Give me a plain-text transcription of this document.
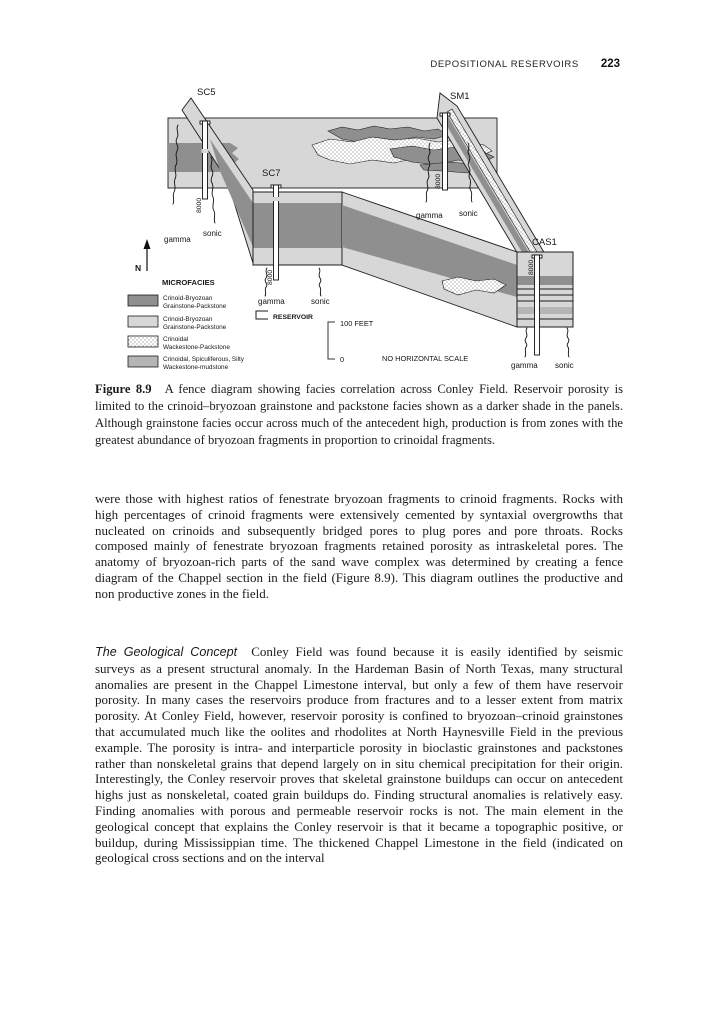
DEPOSITIONAL RESERVOIRS 223
SC5	SM1
SC7
CAS1
8000
8000
8000
8000
gamma
sonic
gamma sonic
gamma	sonic
gamma sonic
N
MICROFACIES
Crinoid-Bryozoan
Grainstone-Packstone
Crinoid-Bryozoan
Grainstone-Packstone
Crinoidal
Wackestone-Packstone
Crinoidal, Spiculiferous, Silty
Wackestone-mudstone
RESERVOIR
100 FEET
0	NO HORIZONTAL SCALE
Figure 8.9 A fence diagram showing facies correlation across Conley Field. Reservoir porosity is limited to the crinoid–bryozoan grainstone and packstone facies shown as a darker shade in the panels. Although grainstone facies occur across much of the antecedent high, production is from zones with the greatest abundance of bryozoan fragments in proportion to crinoidal fragments.

were those with highest ratios of fenestrate bryozoan fragments to crinoid fragments. Rocks with high percentages of crinoid fragments were extensively cemented by syntaxial overgrowths that nucleated on crinoids and subsequently bridged pores to plug pores and pore throats. Rocks composed mainly of fenestrate bryozoan fragments retained porosity as intraskeletal pores. The anatomy of bryozoan-rich parts of the sand wave complex was determined by creating a fence diagram of the Chappel section in the field (Figure 8.9). This diagram outlines the productive and non productive zones in the field.

The Geological Concept Conley Field was found because it is easily identified by seismic surveys as a present structural anomaly. In the Hardeman Basin of North Texas, many structural anomalies are present in the Chappel Limestone interval, but only a few of them have reservoir porosity. In many cases the reservoirs produce from fractures and to a lesser extent from matrix porosity. At Conley Field, however, reservoir porosity is confined to bryozoan–crinoid grainstones that accumulated much like the oolites and rhodolites at North Haynesville Field in the previous example. The porosity is intra- and interparticle porosity in bioclastic grainstones and packstones rather than nonskeletal grains that depend largely on in situ chemical precipitation for their origin. Interestingly, the Conley reservoir proves that skeletal grainstone buildups can occur on antecedent highs just as nonskeletal, coated grain buildups do. Finding structural anomalies is relatively easy. Finding anomalies with porous and permeable reservoir rocks is not. The main element in the geological concept that explains the Conley reservoir is that it became a topographic positive, or buildup, during Mississippian time. The thickened Chappel Limestone in the field (indicated on geological cross sections and on the interval
